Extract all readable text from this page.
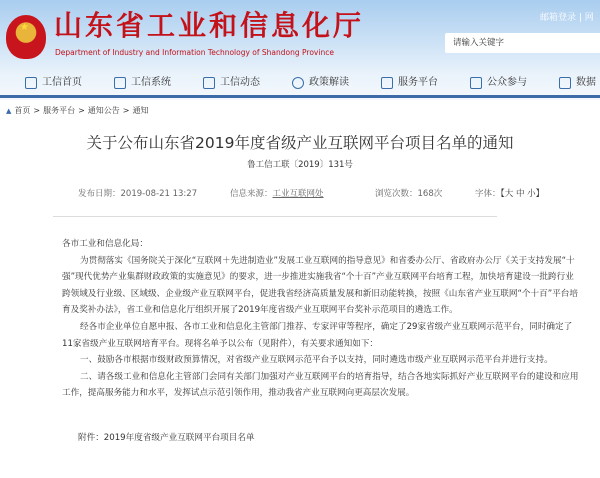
★ 山东省工业和信息化厅
Department of Industry and Information Technology of Shandong Province
邮箱登录 | 网
请输入关键字
工信首页	工信系统	工信动态	政策解读	服务平台	公众参与	数据
▲ 首页 > 服务平台 > 通知公告 > 通知
关于公布山东省2019年度省级产业互联网平台项目名单的通知
鲁工信工联〔2019〕131号
发布日期：2019-08-21 13:27	信息来源：工业互联网处	浏览次数：168次	字体：【大 中 小】

各市工业和信息化局：

为贯彻落实《国务院关于深化“互联网＋先进制造业”发展工业互联网的指导意见》和省委办公厅、省政府办公厅《关于支持发展“十强”现代优势产业集群财政政策的实施意见》的要求，进一步推进实施我省“个十百”产业互联网平台培育工程，加快培育建设一批跨行业跨领域及行业级、区域级、企业级产业互联网平台，促进我省经济高质量发展和新旧动能转换，按照《山东省产业互联网“个十百”平台培育及奖补办法》，省工业和信息化厅组织开展了2019年度省级产业互联网平台奖补示范项目的遴选工作。

经各市企业单位自愿申报、各市工业和信息化主管部门推荐、专家评审等程序，确定了29家省级产业互联网示范平台，同时确定了11家省级产业互联网培育平台。现将名单予以公布（见附件），有关要求通知如下：

一、鼓励各市根据市级财政预算情况，对省级产业互联网示范平台予以支持，同时遴选市级产业互联网示范平台并进行支持。

二、请各级工业和信息化主管部门会同有关部门加强对产业互联网平台的培育指导，结合各地实际抓好产业互联网平台的建设和应用工作，提高服务能力和水平，发挥试点示范引领作用，推动我省产业互联网向更高层次发展。

附件：2019年度省级产业互联网平台项目名单
